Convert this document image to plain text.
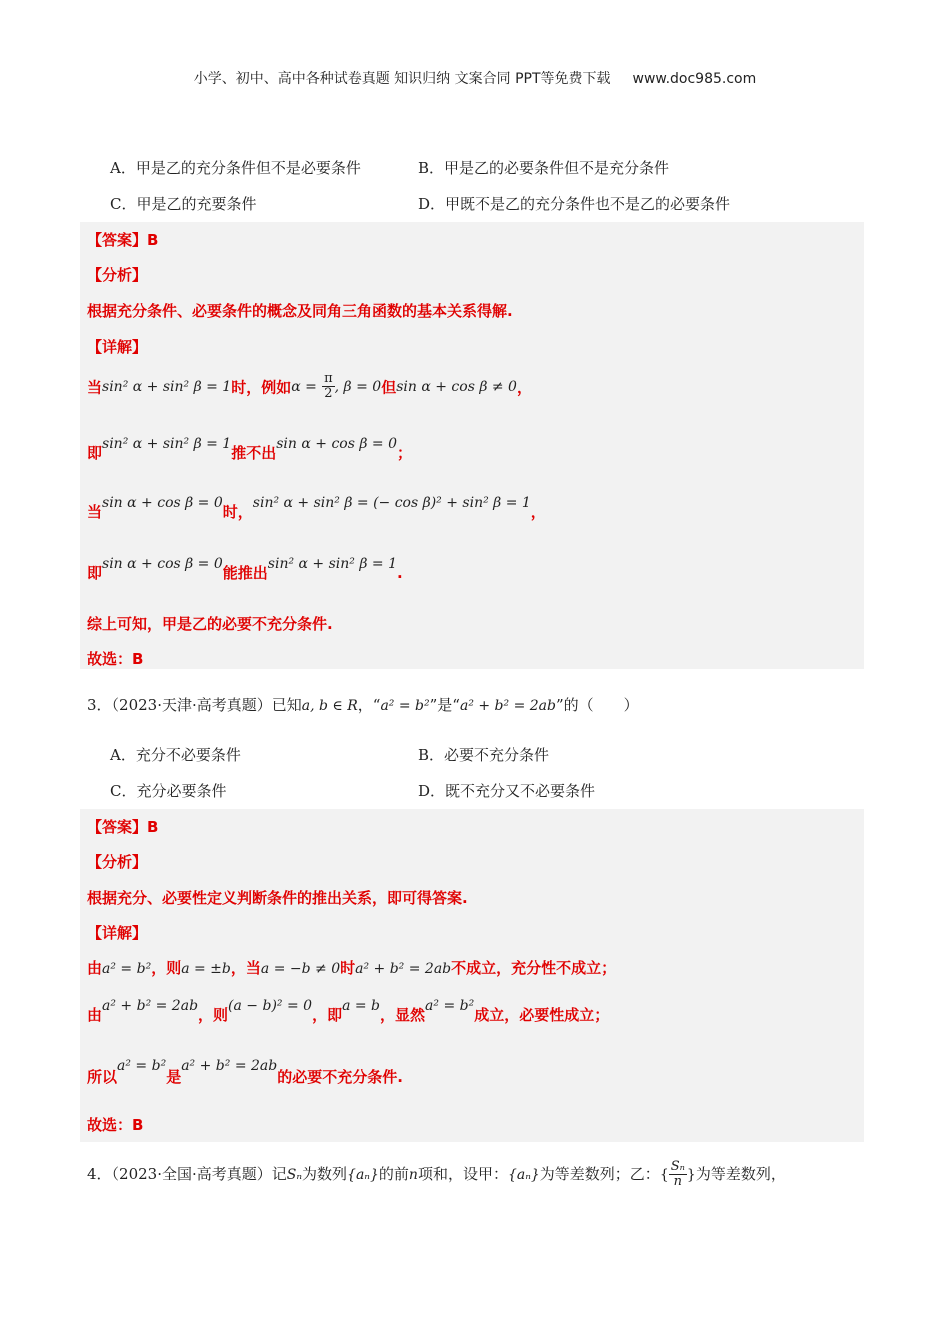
小学、初中、高中各种试卷真题 知识归纳 文案合同 PPT等免费下载 www.doc985.com
A．甲是乙的充分条件但不是必要条件	B．甲是乙的必要条件但不是充分条件
C．甲是乙的充要条件	D．甲既不是乙的充分条件也不是乙的必要条件
【答案】B
【分析】
根据充分条件、必要条件的概念及同角三角函数的基本关系得解.
【详解】
当sin² α + sin² β = 1时，例如$\alpha = \frac{\pi}{2}$ , β = 0但sin α + cos β ≠ 0，
即sin² α + sin² β = 1推不出sin α + cos β = 0；
当sin α + cos β = 0时，sin² α + sin² β = (− cos β)² + sin² β = 1，
即sin α + cos β = 0能推出sin² α + sin² β = 1.
综上可知，甲是乙的必要不充分条件.
故选：B
3．（2023·天津·高考真题）已知a, b ∈ R，“a² = b²”是“a² + b² = 2ab”的（　　）
A．充分不必要条件	B．必要不充分条件
C．充分必要条件	D．既不充分又不必要条件
【答案】B
【分析】
根据充分、必要性定义判断条件的推出关系，即可得答案.
【详解】
由a² = b²，则a = ±b，当a = −b ≠ 0时a² + b² = 2ab不成立，充分性不成立；
由a² + b² = 2ab，则(a − b)² = 0，即a = b，显然a² = b²成立，必要性成立；
所以a² = b²是a² + b² = 2ab的必要不充分条件.
故选：B
4．（2023·全国·高考真题）记Sₙ为数列{aₙ}的前n项和，设甲：{aₙ}为等差数列；乙：{ $\frac{\text{Sₙ}}{n}$ }为等差数列，
